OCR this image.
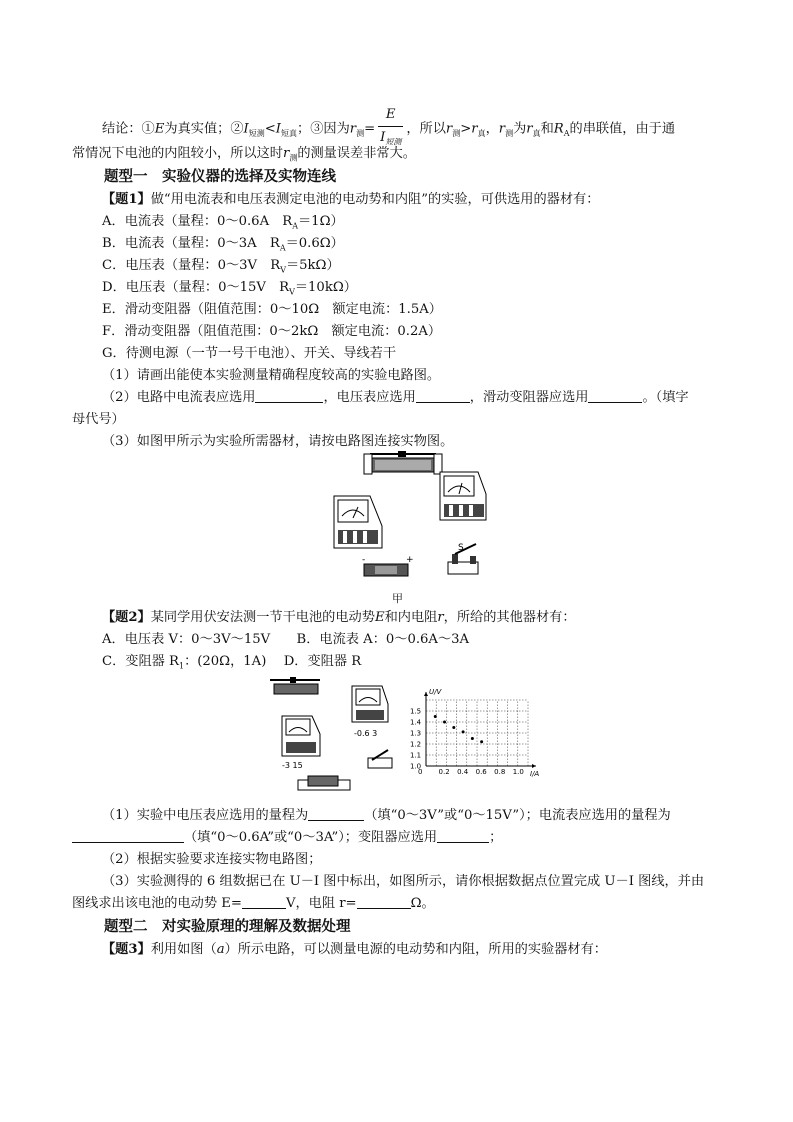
结论：①E为真实值；$②I_{短测}<I_{短真}$；③因为$r_测= \frac{E}{I_{短测}}$ ，所以$r_测>r_真$，$r_测$为$r_真$和$R_A$的串联值，由于通
常情况下电池的内阻较小，所以这时$r_测$的测量误差非常大。
题型一　实验仪器的选择及实物连线
【题1】做“用电流表和电压表测定电池的电动势和内阻”的实验，可供选用的器材有：
A．电流表（量程：0～0.6A　$R_A=1\Omega$）
B．电流表（量程：0～3A　$R_A=0.6\Omega$）
C．电压表（量程：0～3V　$R_V=5k\Omega$）
D．电压表（量程：0～15V　$R_V=10k\Omega$）
E．滑动变阻器（阻值范围：0～10Ω　额定电流：1.5A）
F．滑动变阻器（阻值范围：0～2kΩ　额定电流：0.2A）
G．待测电源（一节一号干电池）、开关、导线若干
（1）请画出能使本实验测量精确程度较高的实验电路图。
（2）电路中电流表应选用	，电压表应选用	，滑动变阻器应选用	。（填字
母代号）
（3）如图甲所示为实验所需器材，请按电路图连接实物图。
-	+
S
甲
【题2】某同学用伏安法测一节干电池的电动势E和内电阻r，所给的其他器材有：
A．电压表 V：0～3V～15V　　B．电流表 A：0～0.6A～3A
C．变阻器 $R_1$：(20Ω，1A)　 D．变阻器 R
-0.6 3
-3 15
0 0.2 0.4 0.6 0.8 1.0
1.1
1.2
1.3
1.4
1.5
1.0
U/V
I/A
（1）实验中电压表应选用的量程为	（填“0～3V”或“0～15V”）；电流表应选用的量程为
（填“0～0.6A”或“0～3A”）；变阻器应选用	；
（2）根据实验要求连接实物电路图；
（3）实验测得的 6 组数据已在 U－I 图中标出，如图所示，请你根据数据点位置完成 U－I 图线，并由
图线求出该电池的电动势 E=	V，电阻 r=	Ω。
题型二　对实验原理的理解及数据处理
【题3】利用如图（a）所示电路，可以测量电源的电动势和内阻，所用的实验器材有：
